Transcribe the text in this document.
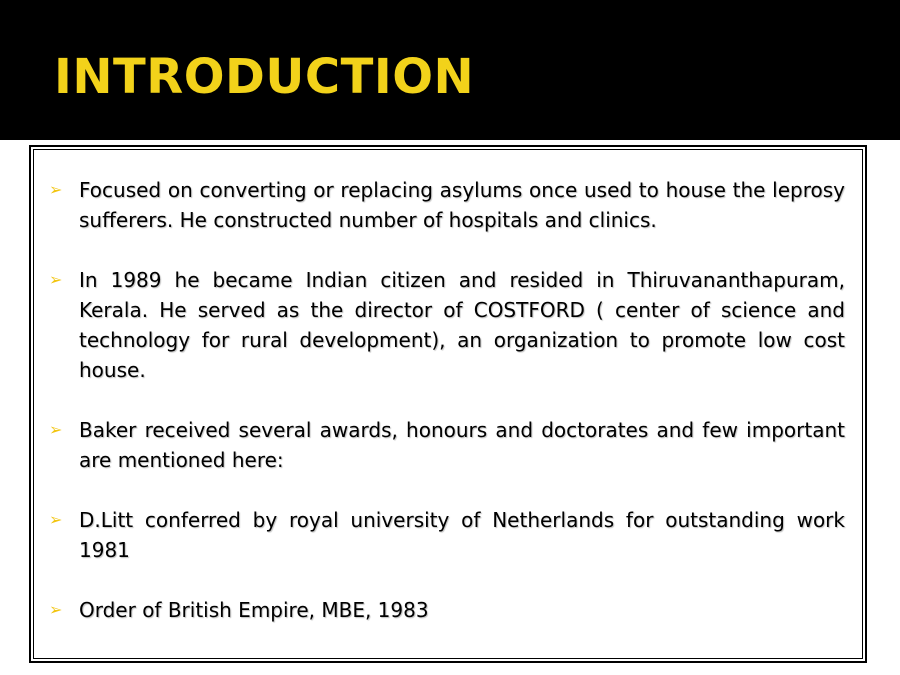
INTRODUCTION
➢ Focused on converting or replacing asylums once used to house the leprosy sufferers. He constructed number of hospitals and clinics.
➢ In 1989 he became Indian citizen and resided in Thiruvananthapuram, Kerala. He served as the director of COSTFORD ( center of science and technology for rural development), an organization to promote low cost house.
➢ Baker received several awards, honours and doctorates and few important are mentioned here:
➢ D.Litt conferred by royal university of Netherlands for outstanding work 1981
➢ Order of British Empire, MBE, 1983
